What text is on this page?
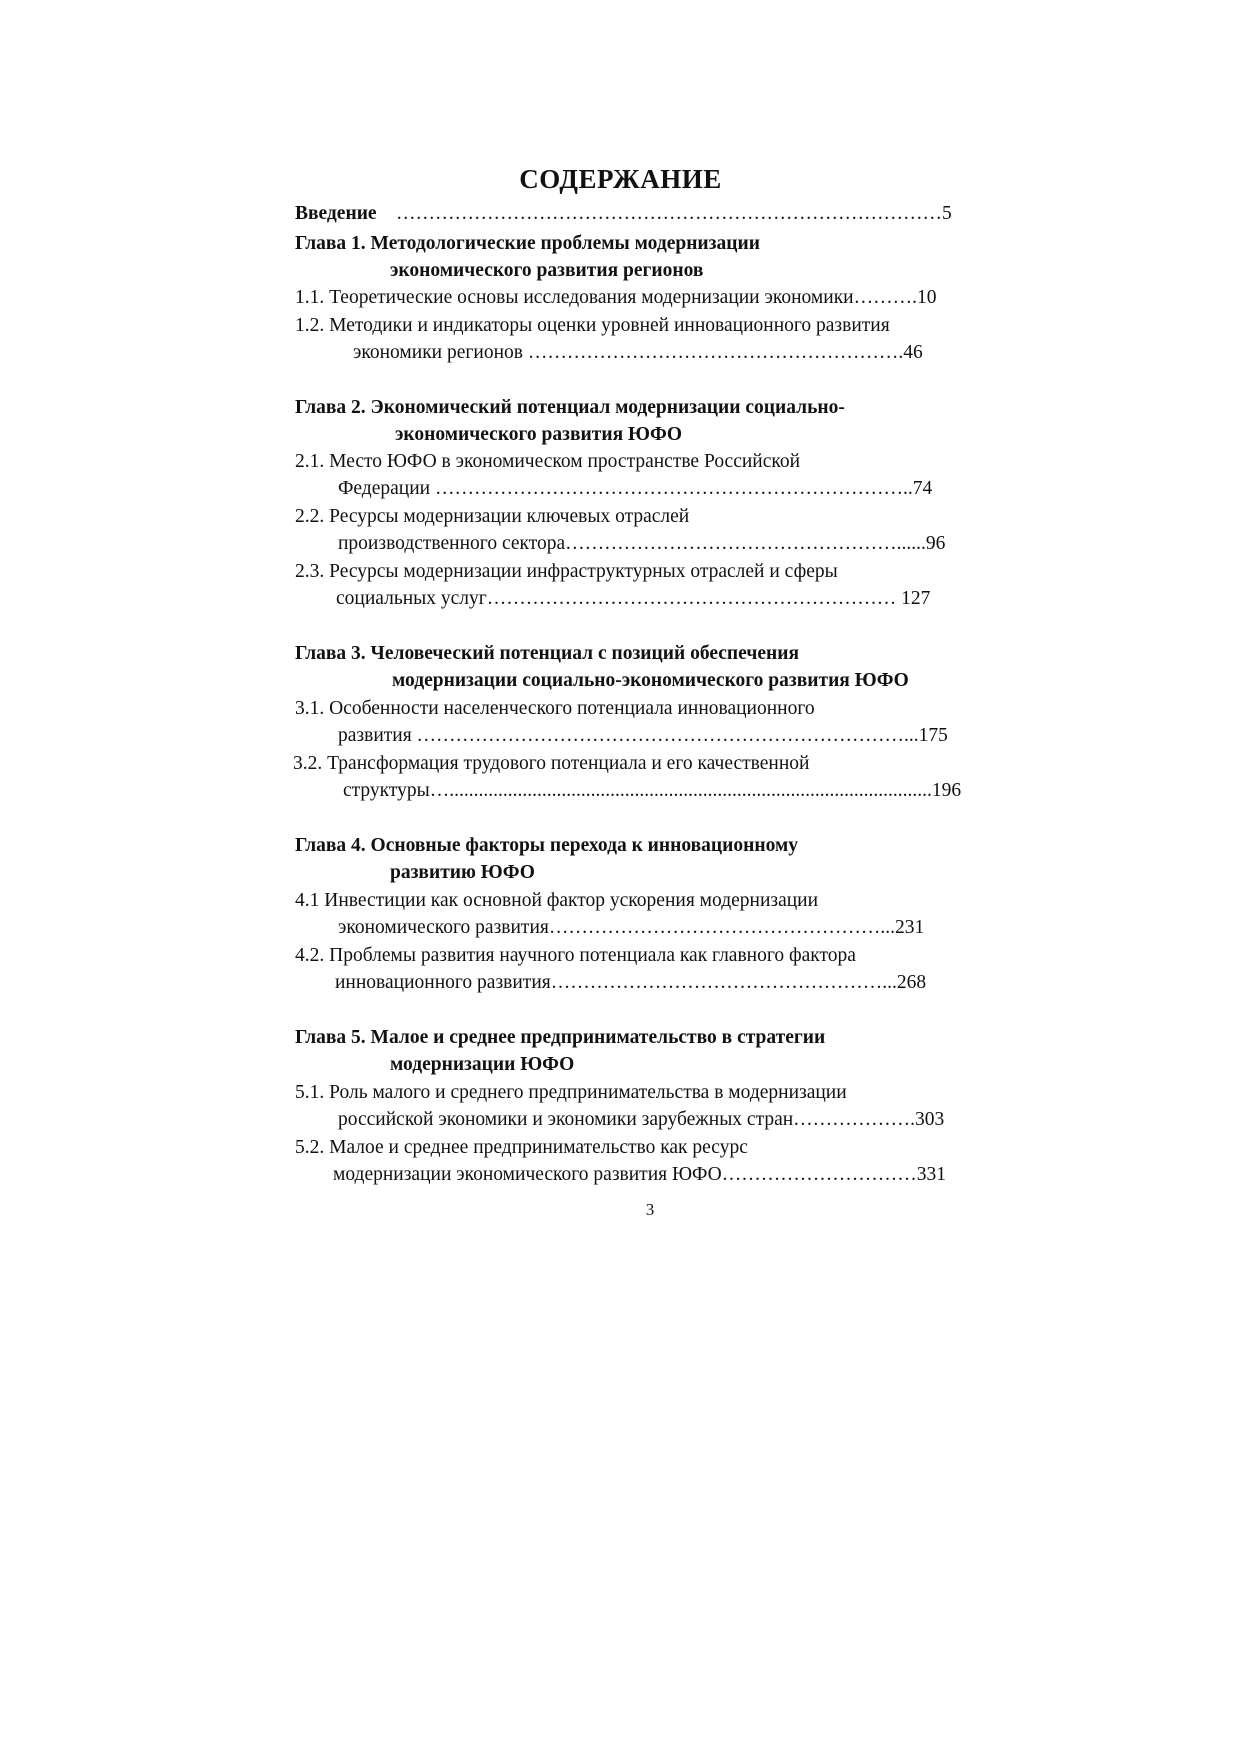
СОДЕРЖАНИЕ
Введение …………………………………………………………………………5
Глава 1. Методологические проблемы модернизации
экономического развития регионов
1.1. Теоретические основы исследования модернизации экономики……….10
1.2. Методики и индикаторы оценки уровней инновационного развития
экономики регионов ………………………………………………….46
Глава 2. Экономический потенциал модернизации социально-
экономического развития ЮФО
2.1. Место ЮФО в экономическом пространстве Российской
Федерации ………………………………………………………………..74
2.2. Ресурсы модернизации ключевых отраслей
производственного сектора……………………………………………......96
2.3. Ресурсы модернизации инфраструктурных отраслей и сферы
социальных услуг……………………………………………………… 127
Глава 3. Человеческий потенциал с позиций обеспечения
модернизации социально-экономического развития ЮФО
3.1. Особенности населенческого потенциала инновационного
развития …………………………………………………………………...175
3.2. Трансформация трудового потенциала и его качественной
структуры…...................................................................................................196
Глава 4. Основные факторы перехода к инновационному
развитию ЮФО
4.1 Инвестиции как основной фактор ускорения модернизации
экономического развития……………………………………………...231
4.2. Проблемы развития научного потенциала как главного фактора
инновационного развития……………………………………………...268
Глава 5. Малое и среднее предпринимательство в стратегии
модернизации ЮФО
5.1. Роль малого и среднего предпринимательства в модернизации
российской экономики и экономики зарубежных стран……………….303
5.2. Малое и среднее предпринимательство как ресурс
модернизации экономического развития ЮФО…………………………331
3
